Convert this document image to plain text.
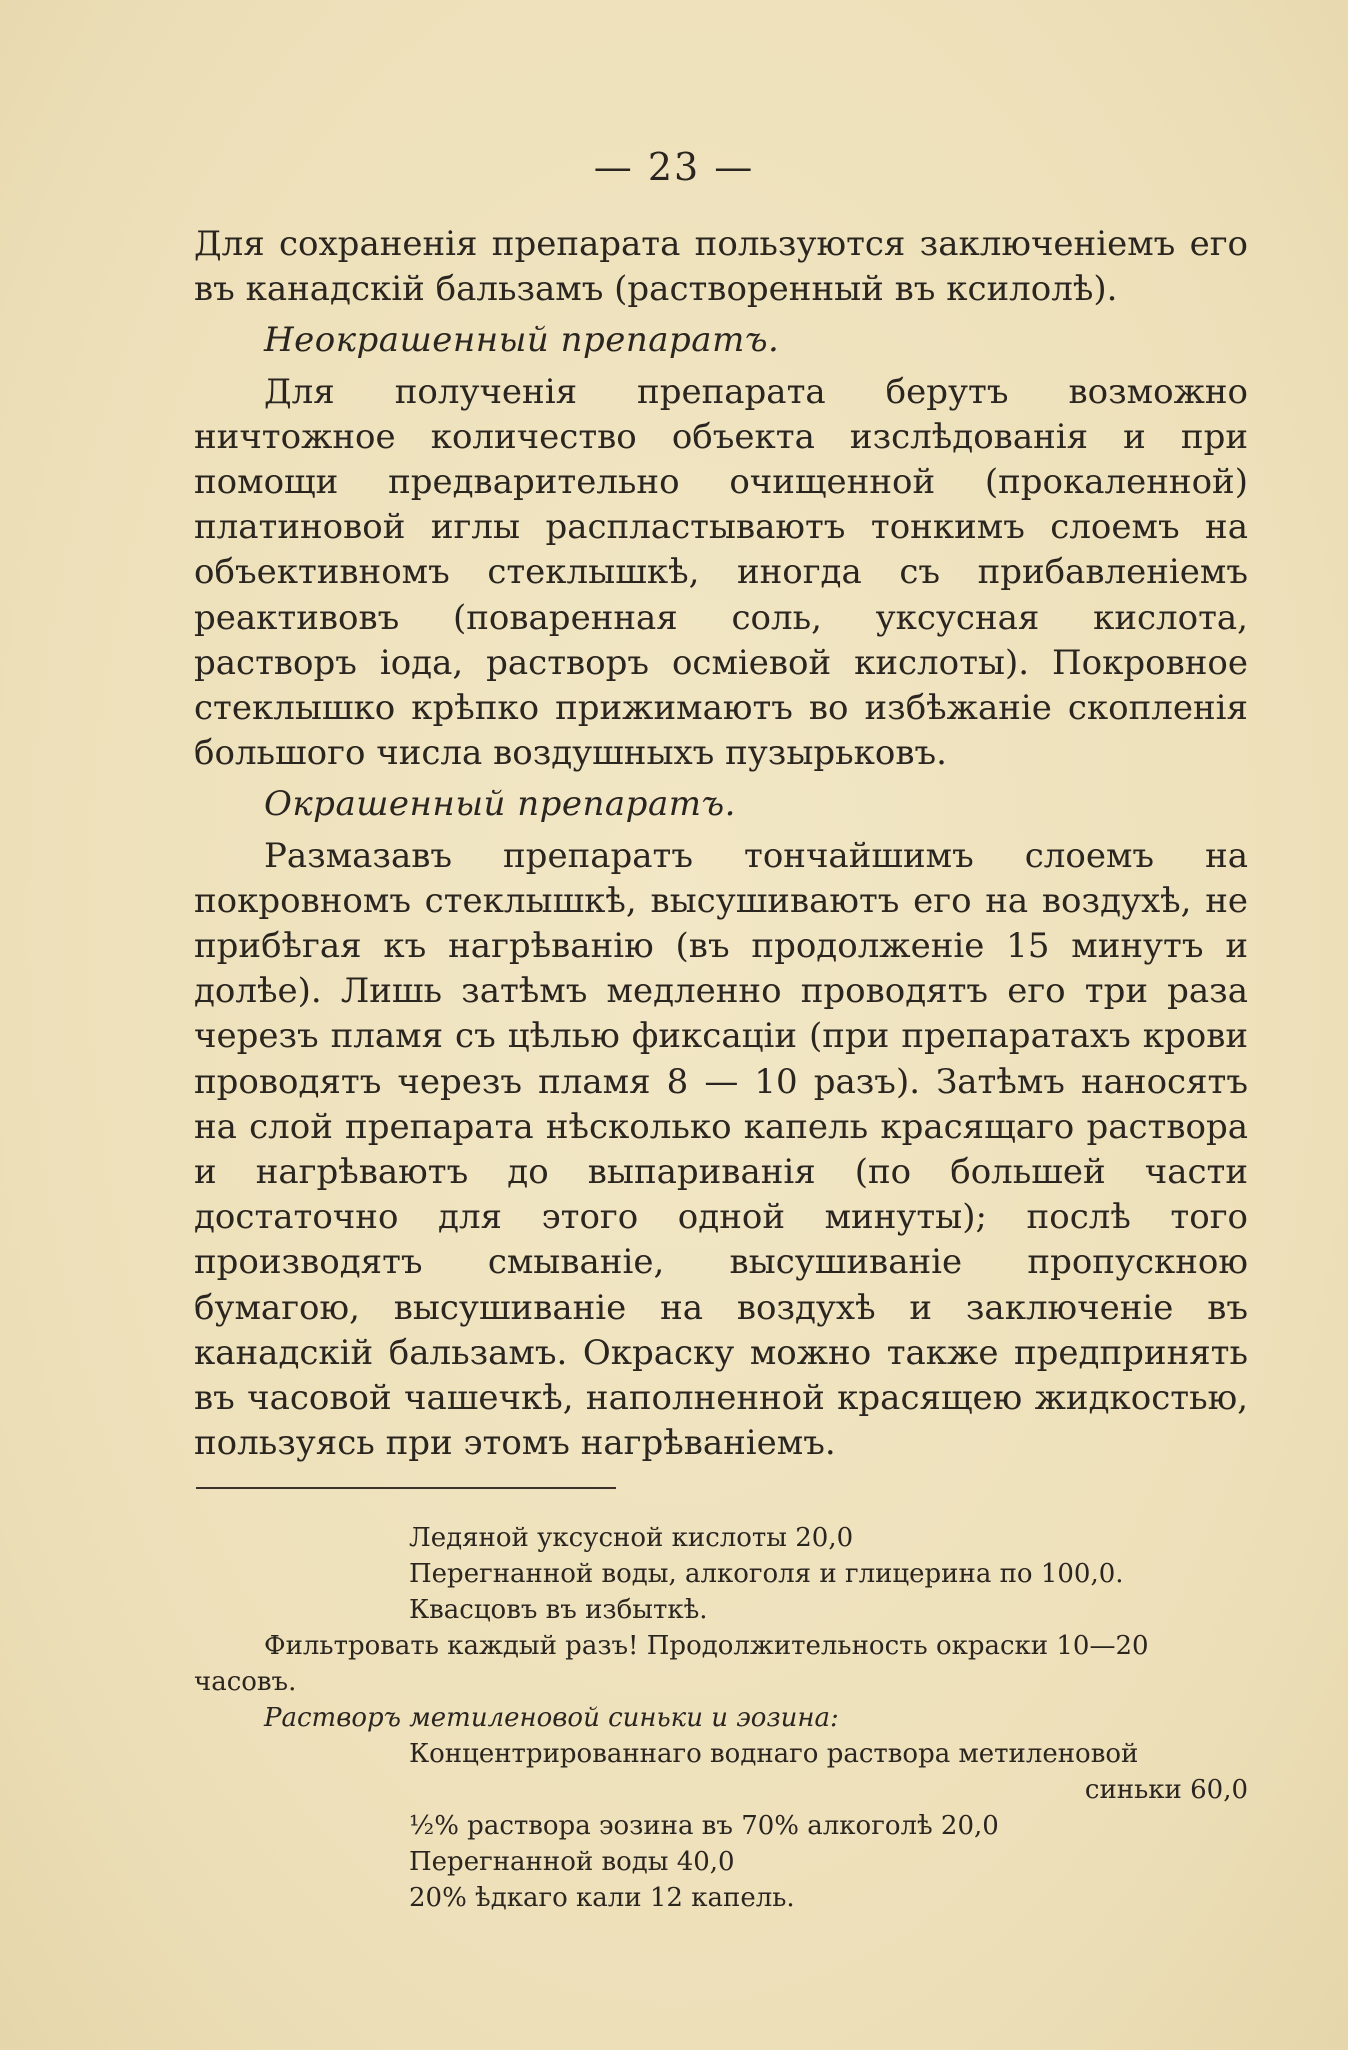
— 23 —

Для сохраненія препарата пользуются заключеніемъ его въ канадскій бальзамъ (растворенный въ ксилолѣ).

Неокрашенный препаратъ.

Для полученія препарата берутъ возможно ничтожное количество объекта изслѣдованія и при помощи предварительно очищенной (прокаленной) платиновой иглы распластываютъ тонкимъ слоемъ на объективномъ стеклышкѣ, иногда съ прибавленіемъ реактивовъ (поваренная соль, уксусная кислота, растворъ іода, растворъ осміевой кислоты). Покровное стеклышко крѣпко прижимаютъ во избѣжаніе скопленія большого числа воздушныхъ пузырьковъ.

Окрашенный препаратъ.

Размазавъ препаратъ тончайшимъ слоемъ на покровномъ стеклышкѣ, высушиваютъ его на воздухѣ, не прибѣгая къ нагрѣванію (въ продолженіе 15 минутъ и долѣе). Лишь затѣмъ медленно проводятъ его три раза черезъ пламя съ цѣлью фиксаціи (при препаратахъ крови проводятъ черезъ пламя 8 — 10 разъ). Затѣмъ наносятъ на слой препарата нѣсколько капель красящаго раствора и нагрѣваютъ до выпариванія (по большей части достаточно для этого одной минуты); послѣ того производятъ смываніе, высушиваніе пропускною бумагою, высушиваніе на воздухѣ и заключеніе въ канадскій бальзамъ. Окраску можно также предпринять въ часовой чашечкѣ, наполненной красящею жидкостью, пользуясь при этомъ нагрѣваніемъ.

Ледяной уксусной кислоты 20,0

Перегнанной воды, алкоголя и глицерина по 100,0.

Квасцовъ въ избыткѣ.

Фильтровать каждый разъ! Продолжительность окраски 10—20 часовъ.

Растворъ метиленовой синьки и эозина:

Концентрированнаго воднаго раствора метиленовой

синьки 60,0

½% раствора эозина въ 70% алкоголѣ 20,0

Перегнанной воды 40,0

20% ѣдкаго кали 12 капель.
